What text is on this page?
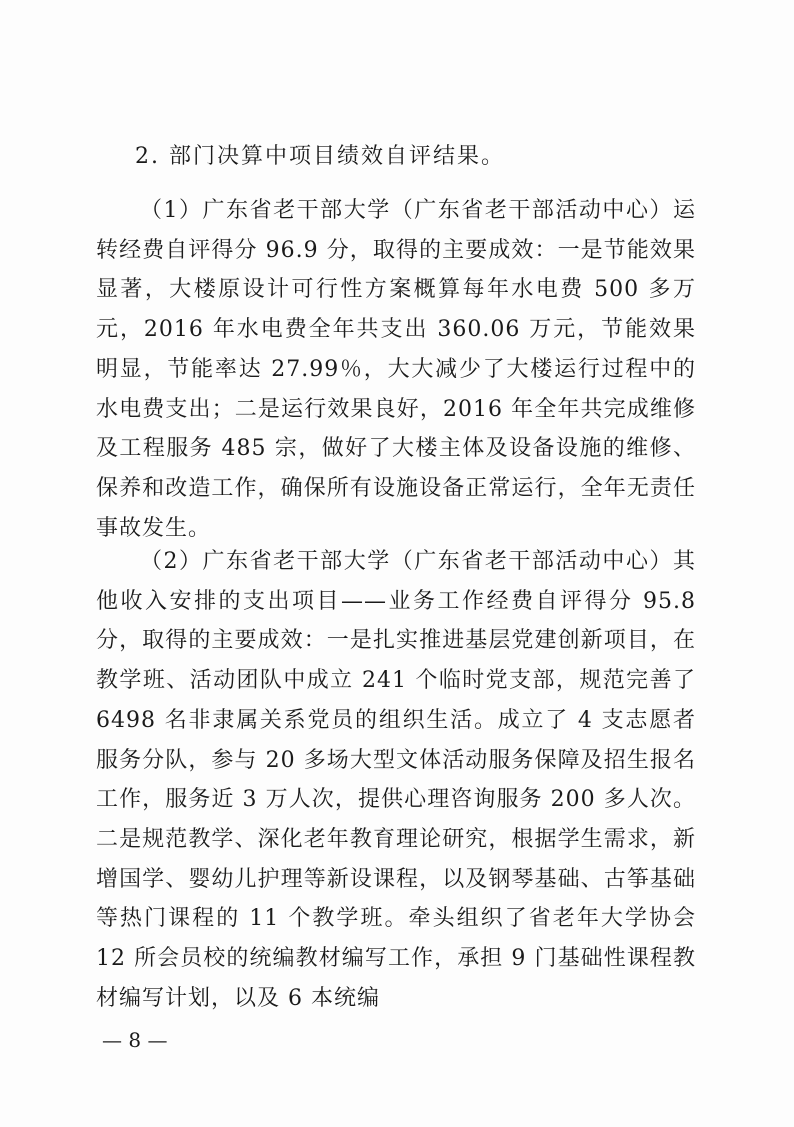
2. 部门决算中项目绩效自评结果。

（1）广东省老干部大学（广东省老干部活动中心）运转经费自评得分 96.9 分，取得的主要成效：一是节能效果显著，大楼原设计可行性方案概算每年水电费 500 多万元，2016 年水电费全年共支出 360.06 万元，节能效果明显，节能率达 27.99％，大大减少了大楼运行过程中的水电费支出；二是运行效果良好，2016 年全年共完成维修及工程服务 485 宗，做好了大楼主体及设备设施的维修、保养和改造工作，确保所有设施设备正常运行，全年无责任事故发生。

（2）广东省老干部大学（广东省老干部活动中心）其他收入安排的支出项目——业务工作经费自评得分 95.8 分，取得的主要成效：一是扎实推进基层党建创新项目，在教学班、活动团队中成立 241 个临时党支部，规范完善了 6498 名非隶属关系党员的组织生活。成立了 4 支志愿者服务分队，参与 20 多场大型文体活动服务保障及招生报名工作，服务近 3 万人次，提供心理咨询服务 200 多人次。二是规范教学、深化老年教育理论研究，根据学生需求，新增国学、婴幼儿护理等新设课程，以及钢琴基础、古筝基础等热门课程的 11 个教学班。牵头组织了省老年大学协会 12 所会员校的统编教材编写工作，承担 9 门基础性课程教材编写计划，以及 6 本统编

— 8 —
